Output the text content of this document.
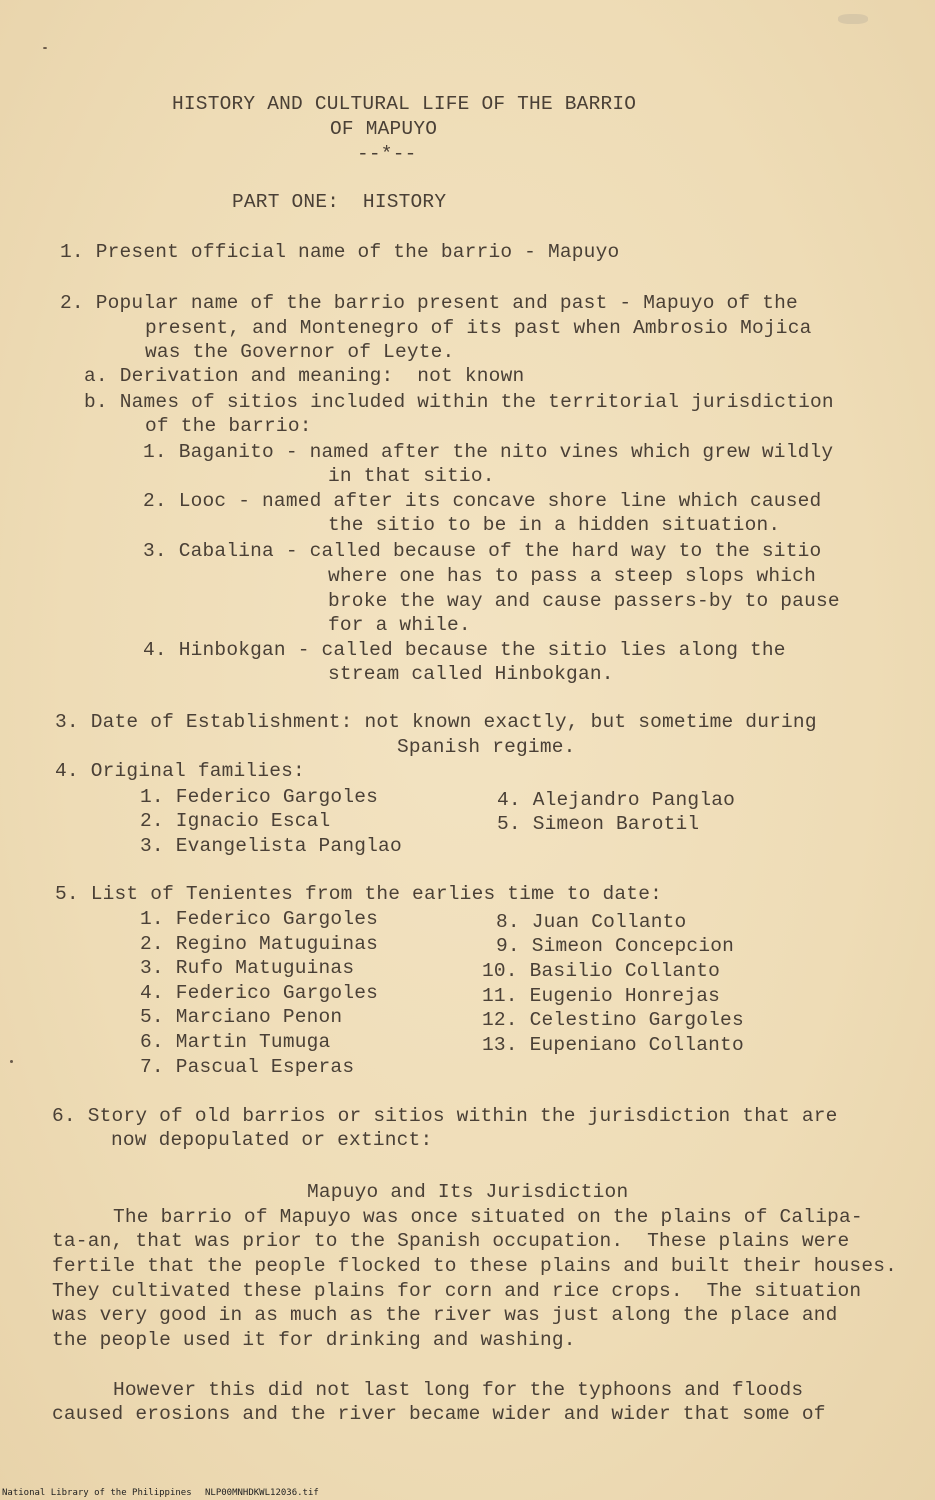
HISTORY AND CULTURAL LIFE OF THE BARRIO
OF MAPUYO
--*--
PART ONE:  HISTORY
1. Present official name of the barrio - Mapuyo
2. Popular name of the barrio present and past - Mapuyo of the
present, and Montenegro of its past when Ambrosio Mojica
was the Governor of Leyte.
a. Derivation and meaning:  not known
b. Names of sitios included within the territorial jurisdiction
of the barrio:
1. Baganito - named after the nito vines which grew wildly
in that sitio.
2. Looc - named after its concave shore line which caused
the sitio to be in a hidden situation.
3. Cabalina - called because of the hard way to the sitio
where one has to pass a steep slops which
broke the way and cause passers-by to pause
for a while.
4. Hinbokgan - called because the sitio lies along the
stream called Hinbokgan.
3. Date of Establishment: not known exactly, but sometime during
Spanish regime.
4. Original families:
1. Federico Gargoles
2. Ignacio Escal
3. Evangelista Panglao
4. Alejandro Panglao
5. Simeon Barotil
5. List of Tenientes from the earlies time to date:
1. Federico Gargoles
2. Regino Matuguinas
3. Rufo Matuguinas
4. Federico Gargoles
5. Marciano Penon
6. Martin Tumuga
7. Pascual Esperas
8. Juan Collanto
9. Simeon Concepcion
10. Basilio Collanto
11. Eugenio Honrejas
12. Celestino Gargoles
13. Eupeniano Collanto
6. Story of old barrios or sitios within the jurisdiction that are
now depopulated or extinct:
Mapuyo and Its Jurisdiction
The barrio of Mapuyo was once situated on the plains of Calipa-
ta-an, that was prior to the Spanish occupation.  These plains were
fertile that the people flocked to these plains and built their houses.
They cultivated these plains for corn and rice crops.  The situation
was very good in as much as the river was just along the place and
the people used it for drinking and washing.
However this did not last long for the typhoons and floods
caused erosions and the river became wider and wider that some of
National Library of the Philippines NLP00MNHDKWL12036.tif
